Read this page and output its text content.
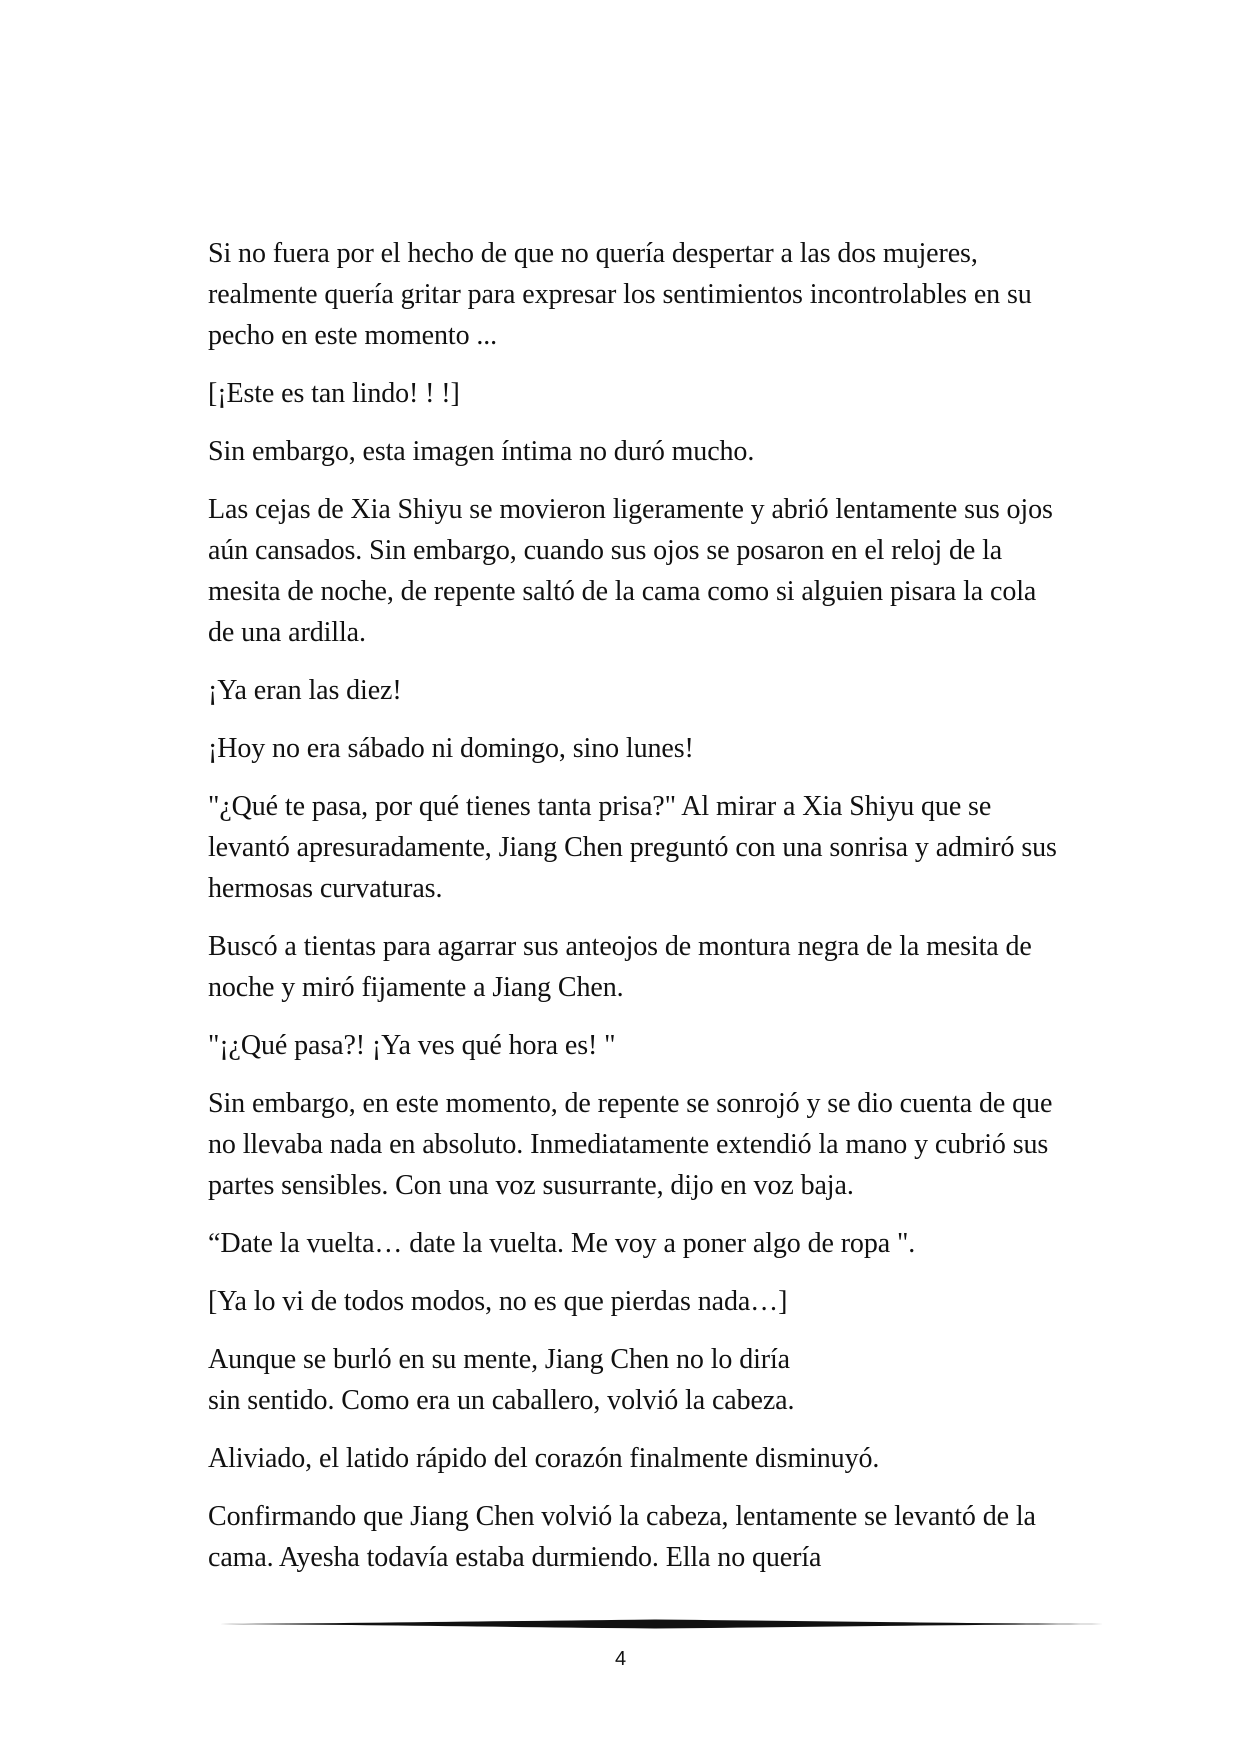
Si no fuera por el hecho de que no quería despertar a las dos mujeres, realmente quería gritar para expresar los sentimientos incontrolables en su pecho en este momento ...

[¡Este es tan lindo! ! !]

Sin embargo, esta imagen íntima no duró mucho.

Las cejas de Xia Shiyu se movieron ligeramente y abrió lentamente sus ojos aún cansados. Sin embargo, cuando sus ojos se posaron en el reloj de la mesita de noche, de repente saltó de la cama como si alguien pisara la cola de una ardilla.

¡Ya eran las diez!

¡Hoy no era sábado ni domingo, sino lunes!

"¿Qué te pasa, por qué tienes tanta prisa?" Al mirar a Xia Shiyu que se levantó apresuradamente, Jiang Chen preguntó con una sonrisa y admiró sus hermosas curvaturas.

Buscó a tientas para agarrar sus anteojos de montura negra de la mesita de noche y miró fijamente a Jiang Chen.

"¡¿Qué pasa?! ¡Ya ves qué hora es! "

Sin embargo, en este momento, de repente se sonrojó y se dio cuenta de que no llevaba nada en absoluto. Inmediatamente extendió la mano y cubrió sus partes sensibles. Con una voz susurrante, dijo en voz baja.

“Date la vuelta… date la vuelta. Me voy a poner algo de ropa ".

[Ya lo vi de todos modos, no es que pierdas nada…]

Aunque se burló en su mente, Jiang Chen no lo diría sin sentido. Como era un caballero, volvió la cabeza.

Aliviado, el latido rápido del corazón finalmente disminuyó.

Confirmando que Jiang Chen volvió la cabeza, lentamente se levantó de la cama. Ayesha todavía estaba durmiendo. Ella no quería

4
